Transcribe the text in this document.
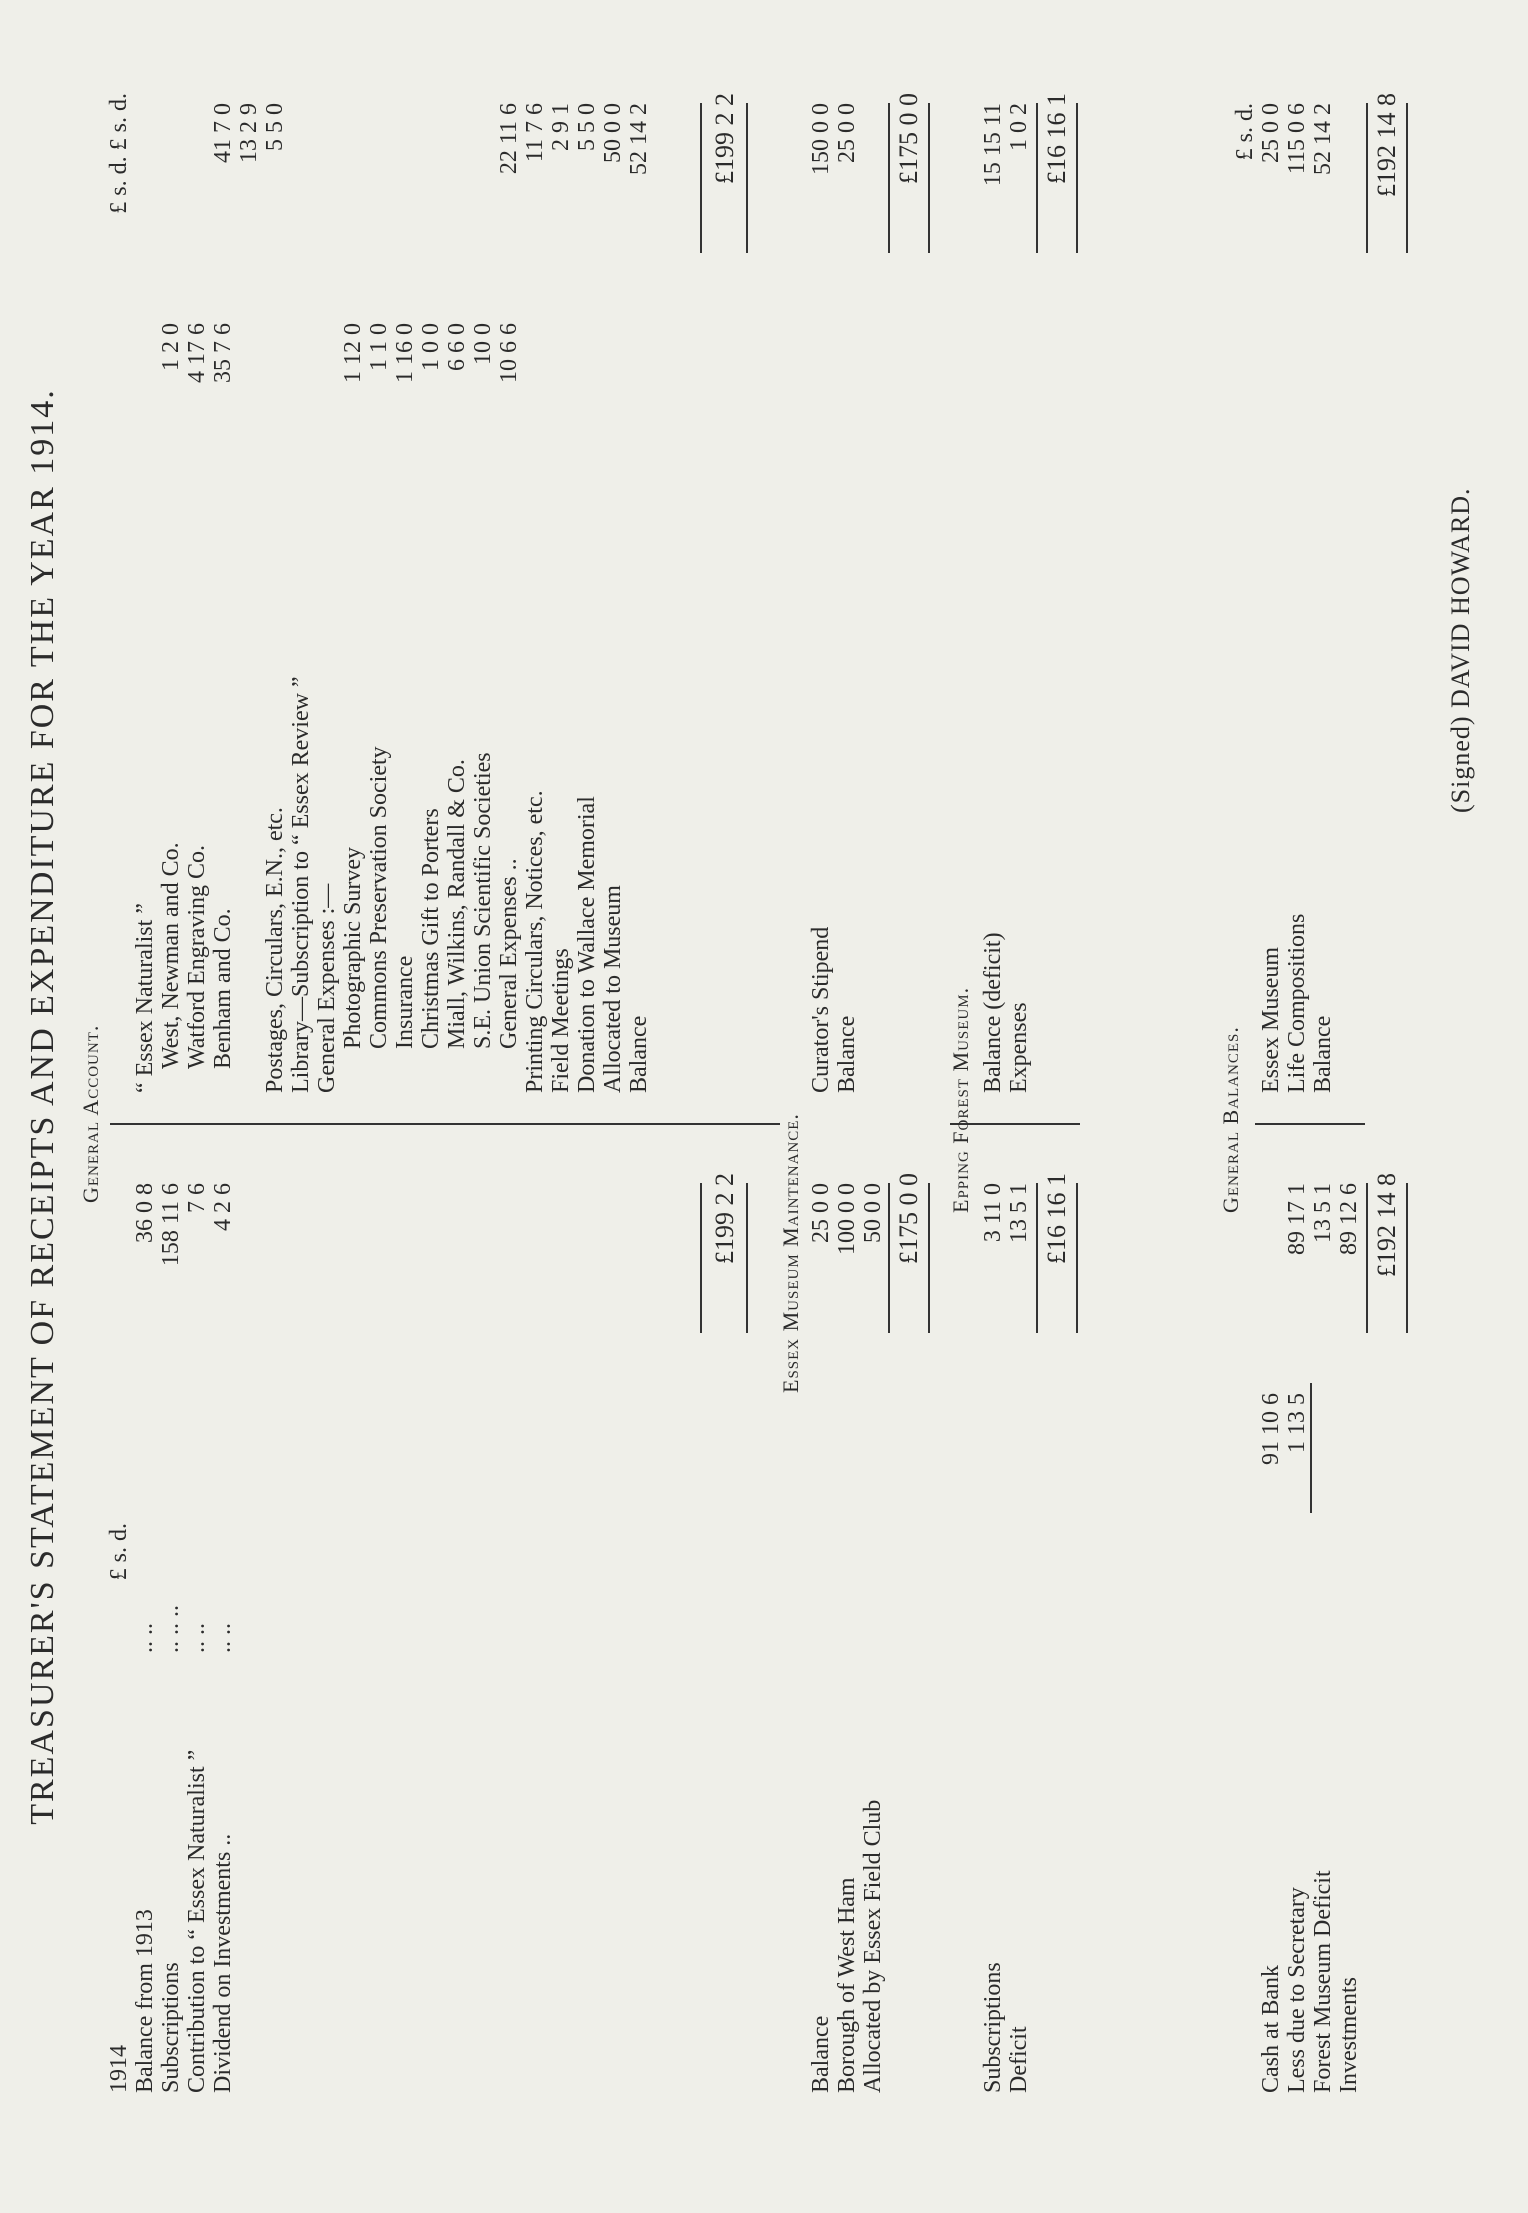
TREASURER'S STATEMENT OF RECEIPTS AND EXPENDITURE FOR THE YEAR 1914. General Account.
1914
£ s. d.
Balance from 1913
.. ..
36 0 8
Subscriptions
.. .. ..
158 11 6
Contribution to “ Essex Naturalist ”
.. ..
7 6
Dividend on Investments ..
.. ..
4 2 6
£ s. d. £ s. d.
“ Essex Naturalist ” West, Newman and Co.
1 2 0
Watford Engraving Co.
4 17 6
Benham and Co.
35 7 6
41 7 0 13 2 9
Postages, Circulars, E.N., etc.
5 5 0
Library—Subscription to “ Essex Review ” General Expenses :— Photographic Survey
1 12 0
Commons Preservation Society
1 1 0
Insurance
1 16 0
Christmas Gift to Porters
1 0 0
Miall, Wilkins, Randall & Co.
6 6 0
S.E. Union Scientific Societies
10 0
General Expenses ..
10 6 6
22 11 6
Printing Circulars, Notices, etc.
11 7 6
Field Meetings
2 9 1
Donation to Wallace Memorial
5 5 0
Allocated to Museum
50 0 0
Balance
52 14 2
£199 2 2
£199 2 2
Essex Museum Maintenance.
Balance
25 0 0
Borough of West Ham
100 0 0
Allocated by Essex Field Club
50 0 0
Curator's Stipend
150 0 0
Balance
25 0 0
£175 0 0
£175 0 0
Epping Forest Museum.
Subscriptions
3 11 0
Deficit
13 5 1
Balance (deficit)
15 15 11
Expenses
1 0 2
£16 16 1
£16 16 1
General Balances.
£ s. d.
Cash at Bank
91 10 6
Less due to Secretary
1 13 5
89 17 1
Forest Museum Deficit
13 5 1
Investments
89 12 6
Essex Museum
25 0 0
Life Compositions
115 0 6
Balance
52 14 2
£192 14 8
£192 14 8
(Signed) DAVID HOWARD.
